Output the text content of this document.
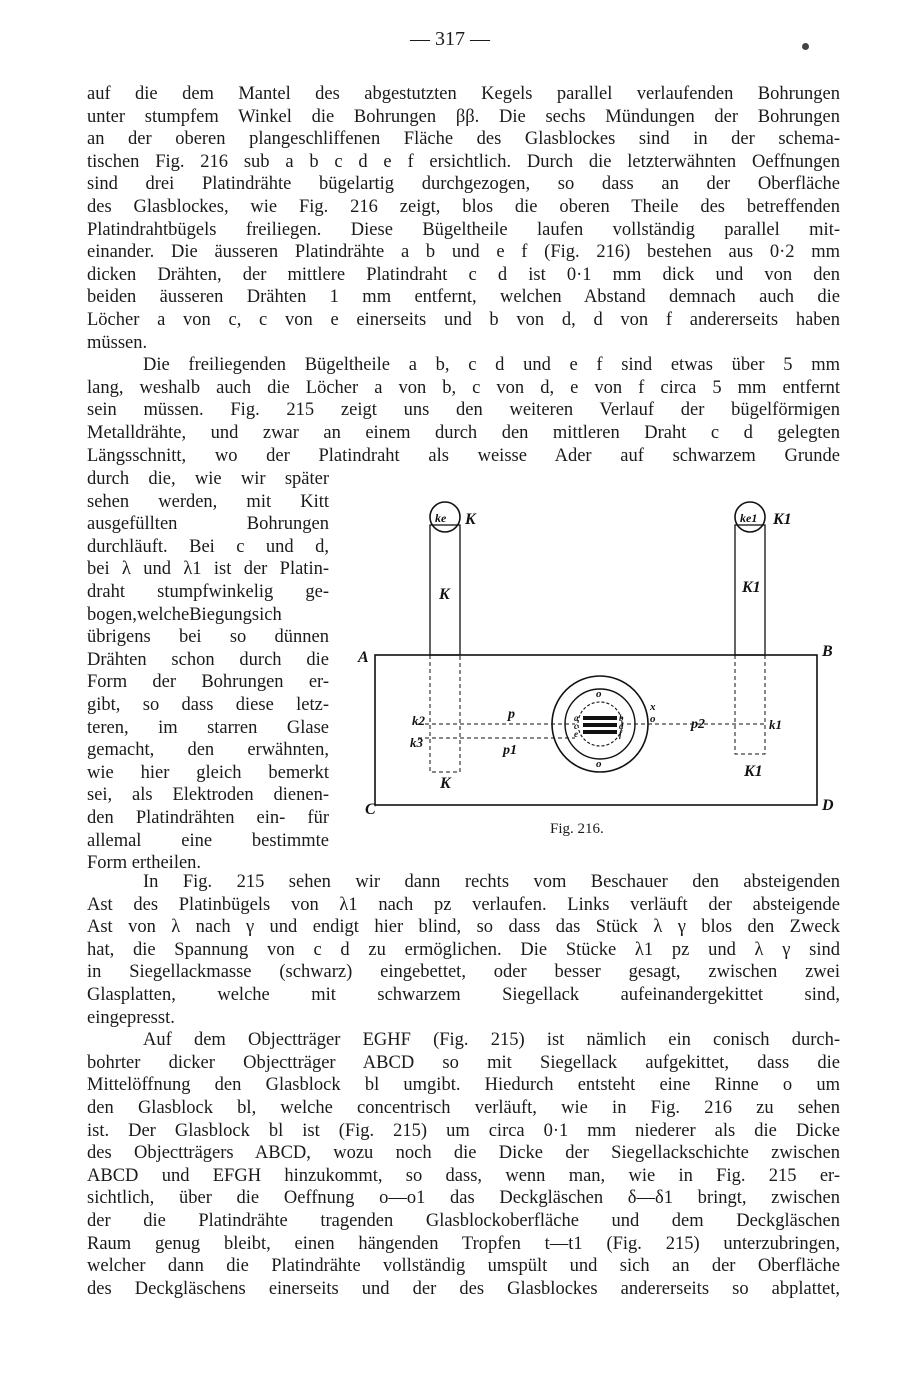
— 317 —
auf die dem Mantel des abgestutzten Kegels parallel verlaufenden Bohrungen
unter stumpfem Winkel die Bohrungen ββ. Die sechs Mündungen der Bohrungen
an der oberen plangeschliffenen Fläche des Glasblockes sind in der schema-
tischen Fig. 216 sub a b c d e f ersichtlich. Durch die letzterwähnten Oeffnungen
sind drei Platindrähte bügelartig durchgezogen, so dass an der Oberfläche
des Glasblockes, wie Fig. 216 zeigt, blos die oberen Theile des betreffenden
Platindrahtbügels freiliegen. Diese Bügeltheile laufen vollständig parallel mit-
einander. Die äusseren Platindrähte a b und e f (Fig. 216) bestehen aus 0·2 mm
dicken Drähten, der mittlere Platindraht c d ist 0·1 mm dick und von den
beiden äusseren Drähten 1 mm entfernt, welchen Abstand demnach auch die
Löcher a von c, c von e einerseits und b von d, d von f andererseits haben
müssen.
Die freiliegenden Bügeltheile a b, c d und e f sind etwas über 5 mm
lang, weshalb auch die Löcher a von b, c von d, e von f circa 5 mm entfernt
sein müssen. Fig. 215 zeigt uns den weiteren Verlauf der bügelförmigen
Metalldrähte, und zwar an einem durch den mittleren Draht c d gelegten
Längsschnitt, wo der Platindraht als weisse Ader auf schwarzem Grunde
durch die, wie wir später
sehen werden, mit Kitt
ausgefüllten Bohrungen
durchläuft. Bei c und d,
bei λ und λ1 ist der Platin-
draht stumpfwinkelig ge-
bogen,welcheBiegungsich
übrigens bei so dünnen
Drähten schon durch die
Form der Bohrungen er-
gibt, so dass diese letz-
teren, im starren Glase
gemacht, den erwähnten,
wie hier gleich bemerkt
sei, als Elektroden dienen-
den Platindrähten ein- für
allemal eine bestimmte
Form ertheilen.
In Fig. 215 sehen wir dann rechts vom Beschauer den absteigenden
Ast des Platinbügels von λ1 nach pz verlaufen. Links verläuft der absteigende
Ast von λ nach γ und endigt hier blind, so dass das Stück λ γ blos den Zweck
hat, die Spannung von c d zu ermöglichen. Die Stücke λ1 pz und λ γ sind
in Siegellackmasse (schwarz) eingebettet, oder besser gesagt, zwischen zwei
Glasplatten, welche mit schwarzem Siegellack aufeinandergekittet sind,
eingepresst.
Auf dem Objectträger EGHF (Fig. 215) ist nämlich ein conisch durch-
bohrter dicker Objectträger ABCD so mit Siegellack aufgekittet, dass die
Mittelöffnung den Glasblock bl umgibt. Hiedurch entsteht eine Rinne o um
den Glasblock bl, welche concentrisch verläuft, wie in Fig. 216 zu sehen
ist. Der Glasblock bl ist (Fig. 215) um circa 0·1 mm niederer als die Dicke
des Objectträgers ABCD, wozu noch die Dicke der Siegellackschichte zwischen
ABCD und EFGH hinzukommt, so dass, wenn man, wie in Fig. 215 er-
sichtlich, über die Oeffnung o—o1 das Deckgläschen δ—δ1 bringt, zwischen
der die Platindrähte tragenden Glasblockoberfläche und dem Deckgläschen
Raum genug bleibt, einen hängenden Tropfen t—t1 (Fig. 215) unterzubringen,
welcher dann die Platindrähte vollständig umspült und sich an der Oberfläche
des Deckgläschens einerseits und der des Glasblockes andererseits so abplattet,
A	B
C	D
ke K	ke1 K1
K	K1
K
K1
k2
k3
k1
p
p1
p2
o
o
x
o
a	b
c	d
e	f
Fig. 216.
